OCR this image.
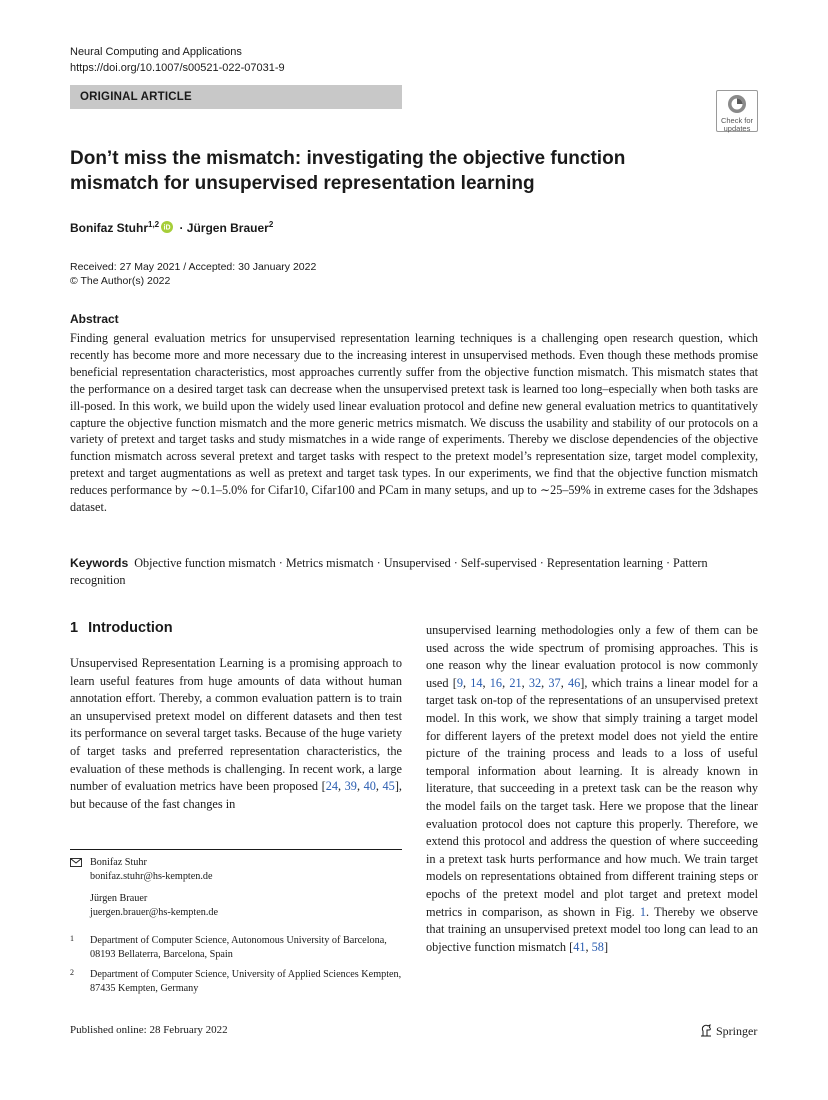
Neural Computing and Applications
https://doi.org/10.1007/s00521-022-07031-9
ORIGINAL ARTICLE
Check for
updates
Don’t miss the mismatch: investigating the objective function
mismatch for unsupervised representation learning
Bonifaz Stuhr$^{1,2}$ iD · Jürgen Brauer$^2$
Received: 27 May 2021 / Accepted: 30 January 2022
© The Author(s) 2022
Abstract
Finding general evaluation metrics for unsupervised representation learning techniques is a challenging open research question, which recently has become more and more necessary due to the increasing interest in unsupervised methods. Even though these methods promise beneficial representation characteristics, most approaches currently suffer from the objective function mismatch. This mismatch states that the performance on a desired target task can decrease when the unsupervised pretext task is learned too long–especially when both tasks are ill-posed. In this work, we build upon the widely used linear evaluation protocol and define new general evaluation metrics to quantitatively capture the objective function mismatch and the more generic metrics mismatch. We discuss the usability and stability of our protocols on a variety of pretext and target tasks and study mismatches in a wide range of experiments. Thereby we disclose dependencies of the objective function mismatch across several pretext and target tasks with respect to the pretext model’s representation size, target model complexity, pretext and target augmentations as well as pretext and target task types. In our experiments, we find that the objective function mismatch reduces performance by ∼0.1–5.0% for Cifar10, Cifar100 and PCam in many setups, and up to ∼25–59% in extreme cases for the 3dshapes dataset.
Keywords Objective function mismatch · Metrics mismatch · Unsupervised · Self-supervised · Representation learning · Pattern recognition
1 Introduction
Unsupervised Representation Learning is a promising approach to learn useful features from huge amounts of data without human annotation effort. Thereby, a common evaluation pattern is to train an unsupervised pretext model on different datasets and then test its performance on several target tasks. Because of the huge variety of target tasks and preferred representation characteristics, the evaluation of these methods is challenging. In recent work, a large number of evaluation metrics have been proposed [24, 39, 40, 45], but because of the fast changes in
unsupervised learning methodologies only a few of them can be used across the wide spectrum of promising approaches. This is one reason why the linear evaluation protocol is now commonly used [9, 14, 16, 21, 32, 37, 46], which trains a linear model for a target task on-top of the representations of an unsupervised pretext model. In this work, we show that simply training a target model for different layers of the pretext model does not yield the entire picture of the training process and leads to a loss of useful temporal information about learning. It is already known in literature, that succeeding in a pretext task can be the reason why the model fails on the target task. Here we propose that the linear evaluation protocol does not capture this properly. Therefore, we extend this protocol and address the question of where succeeding in a pretext task hurts performance and how much. We train target models on representations obtained from different training steps or epochs of the pretext model and plot target and pretext model metrics in comparison, as shown in Fig. 1. Thereby we observe that training an unsupervised pretext model too long can lead to an objective function mismatch [41, 58]
Bonifaz Stuhr
bonifaz.stuhr@hs-kempten.de
Jürgen Brauer
juergen.brauer@hs-kempten.de
1 Department of Computer Science, Autonomous University of Barcelona, 08193 Bellaterra, Barcelona, Spain
2 Department of Computer Science, University of Applied Sciences Kempten, 87435 Kempten, Germany
Published online: 28 February 2022	Springer
